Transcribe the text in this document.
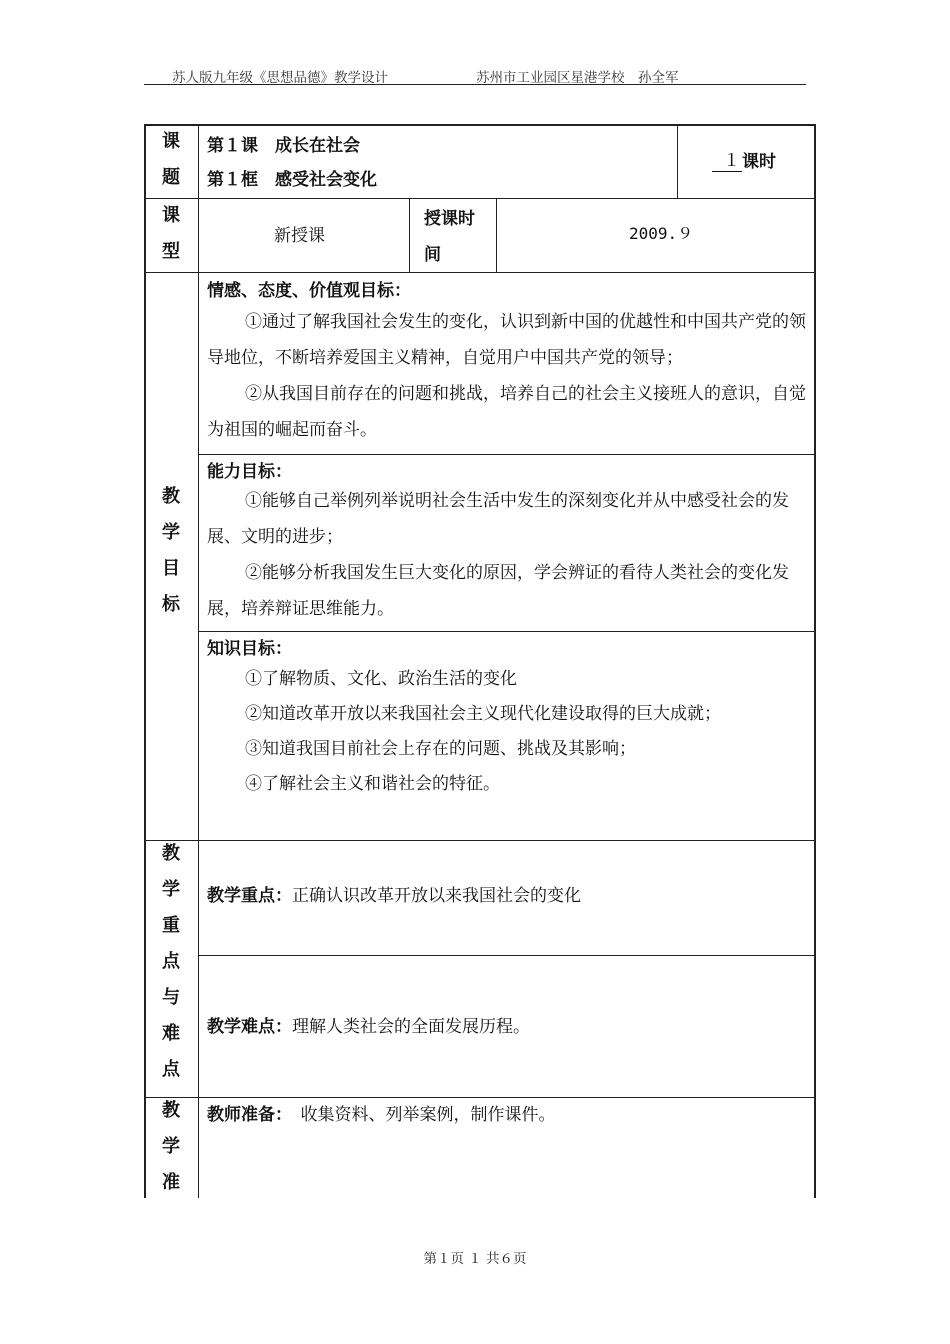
苏人版九年级《思想品德》教学设计	苏州市工业园区星港学校　孙全军
课
题
第１课　成长在社会
第１框　感受社会变化
１ 课时
课
型
新授课
授课时间
2009.９
教
学
目
标
情感、态度、价值观目标：
①通过了解我国社会发生的变化，认识到新中国的优越性和中国共产党的领导地位，不断培养爱国主义精神，自觉用户中国共产党的领导；
②从我国目前存在的问题和挑战，培养自己的社会主义接班人的意识，自觉为祖国的崛起而奋斗。
能力目标：
①能够自己举例列举说明社会生活中发生的深刻变化并从中感受社会的发展、文明的进步；
②能够分析我国发生巨大变化的原因，学会辨证的看待人类社会的变化发展，培养辩证思维能力。
知识目标：
①了解物质、文化、政治生活的变化
②知道改革开放以来我国社会主义现代化建设取得的巨大成就；
③知道我国目前社会上存在的问题、挑战及其影响；
④了解社会主义和谐社会的特征。
教
学
重
点
与
难
点
教学重点：正确认识改革开放以来我国社会的变化
教学难点：理解人类社会的全面发展历程。
教
学
准
教师准备：　收集资料、列举案例，制作课件。
第１页 １ 共６页
